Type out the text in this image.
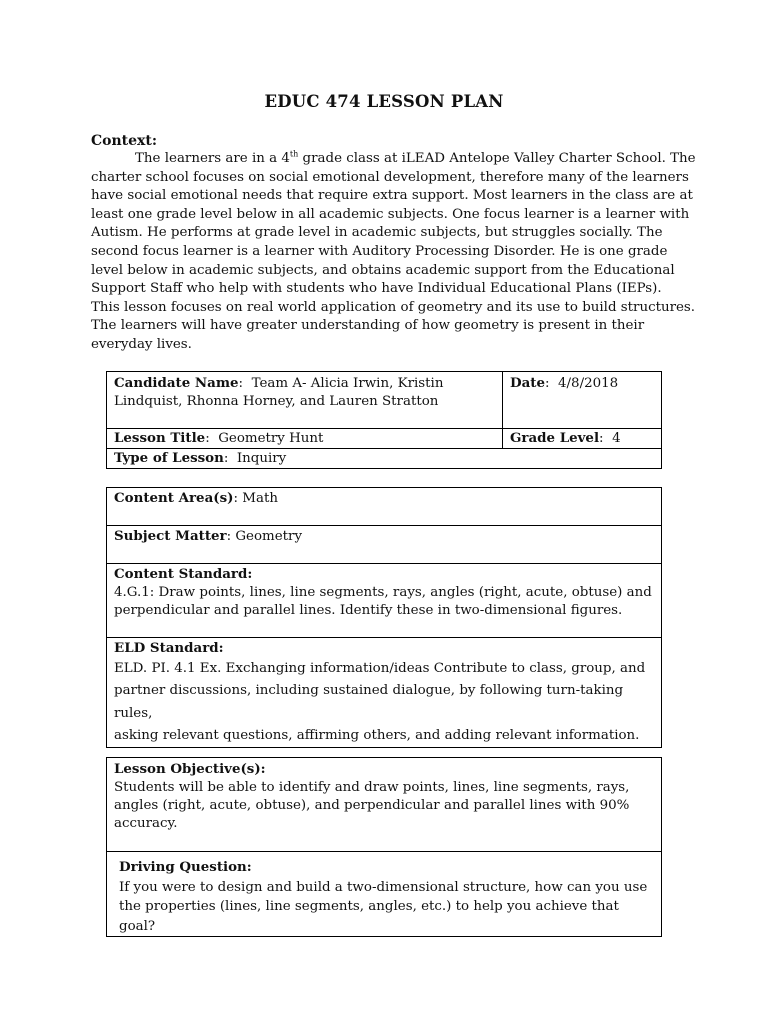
EDUC 474 LESSON PLAN
Context:
The learners are in a 4th grade class at iLEAD Antelope Valley Charter School. The
charter school focuses on social emotional development, therefore many of the learners
have social emotional needs that require extra support. Most learners in the class are at
least one grade level below in all academic subjects. One focus learner is a learner with
Autism. He performs at grade level in academic subjects, but struggles socially. The
second focus learner is a learner with Auditory Processing Disorder. He is one grade
level below in academic subjects, and obtains academic support from the Educational
Support Staff who help with students who have Individual Educational Plans (IEPs).
This lesson focuses on real world application of geometry and its use to build structures.
The learners will have greater understanding of how geometry is present in their
everyday lives.
Candidate Name:  Team A- Alicia Irwin, Kristin
Lindquist, Rhonna Horney, and Lauren Stratton	Date:  4/8/2018
Lesson Title:  Geometry Hunt	Grade Level:  4
Type of Lesson:  Inquiry	
Content Area(s): Math
Subject Matter: Geometry
Content Standard:
4.G.1: Draw points, lines, line segments, rays, angles (right, acute, obtuse) and
perpendicular and parallel lines. Identify these in two-dimensional figures.
ELD Standard:
ELD. PI. 4.1 Ex. Exchanging information/ideas Contribute to class, group, and
partner discussions, including sustained dialogue, by following turn-taking rules,
asking relevant questions, affirming others, and adding relevant information.
Lesson Objective(s):
Students will be able to identify and draw points, lines, line segments, rays,
angles (right, acute, obtuse), and perpendicular and parallel lines with 90%
accuracy.

Driving Question:
If you were to design and build a two-dimensional structure, how can you use
the properties (lines, line segments, angles, etc.) to help you achieve that goal?
